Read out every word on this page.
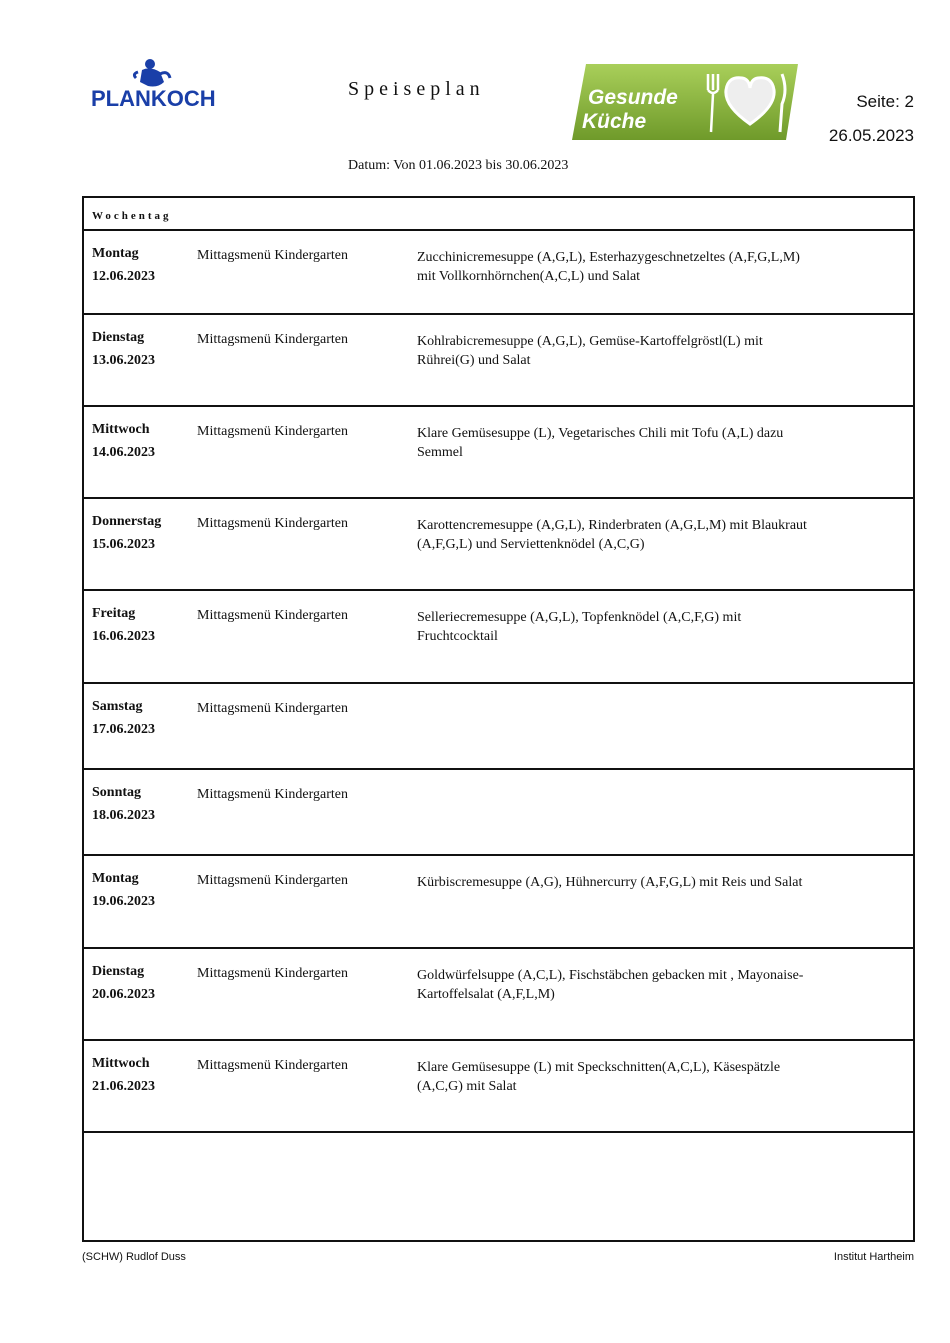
PLANKOCH	Speiseplan	Gesunde
Küche
Seite: 2
26.05.2023
Datum: Von 01.06.2023 bis 30.06.2023
Wochentag
Montag
12.06.2023
Mittagsmenü Kindergarten	Zucchinicremesuppe (A,G,L), Esterhazygeschnetzeltes (A,F,G,L,M) mit Vollkornhörnchen(A,C,L) und Salat
Dienstag
13.06.2023
Mittagsmenü Kindergarten	Kohlrabicremesuppe (A,G,L), Gemüse-Kartoffelgröstl(L) mit Rührei(G) und Salat
Mittwoch
14.06.2023
Mittagsmenü Kindergarten	Klare Gemüsesuppe (L), Vegetarisches Chili mit Tofu (A,L) dazu Semmel
Donnerstag
15.06.2023
Mittagsmenü Kindergarten	Karottencremesuppe (A,G,L), Rinderbraten (A,G,L,M) mit Blaukraut (A,F,G,L) und Serviettenknödel (A,C,G)
Freitag
16.06.2023
Mittagsmenü Kindergarten	Selleriecremesuppe (A,G,L), Topfenknödel (A,C,F,G) mit Fruchtcocktail
Samstag
17.06.2023
Mittagsmenü Kindergarten
Sonntag
18.06.2023
Mittagsmenü Kindergarten
Montag
19.06.2023
Mittagsmenü Kindergarten	Kürbiscremesuppe (A,G), Hühnercurry (A,F,G,L) mit Reis und Salat
Dienstag
20.06.2023
Mittagsmenü Kindergarten	Goldwürfelsuppe (A,C,L), Fischstäbchen gebacken mit , Mayonaise-Kartoffelsalat (A,F,L,M)
Mittwoch
21.06.2023
Mittagsmenü Kindergarten	Klare Gemüsesuppe (L) mit Speckschnitten(A,C,L), Käsespätzle (A,C,G) mit Salat
(SCHW) Rudlof Duss	Institut Hartheim
